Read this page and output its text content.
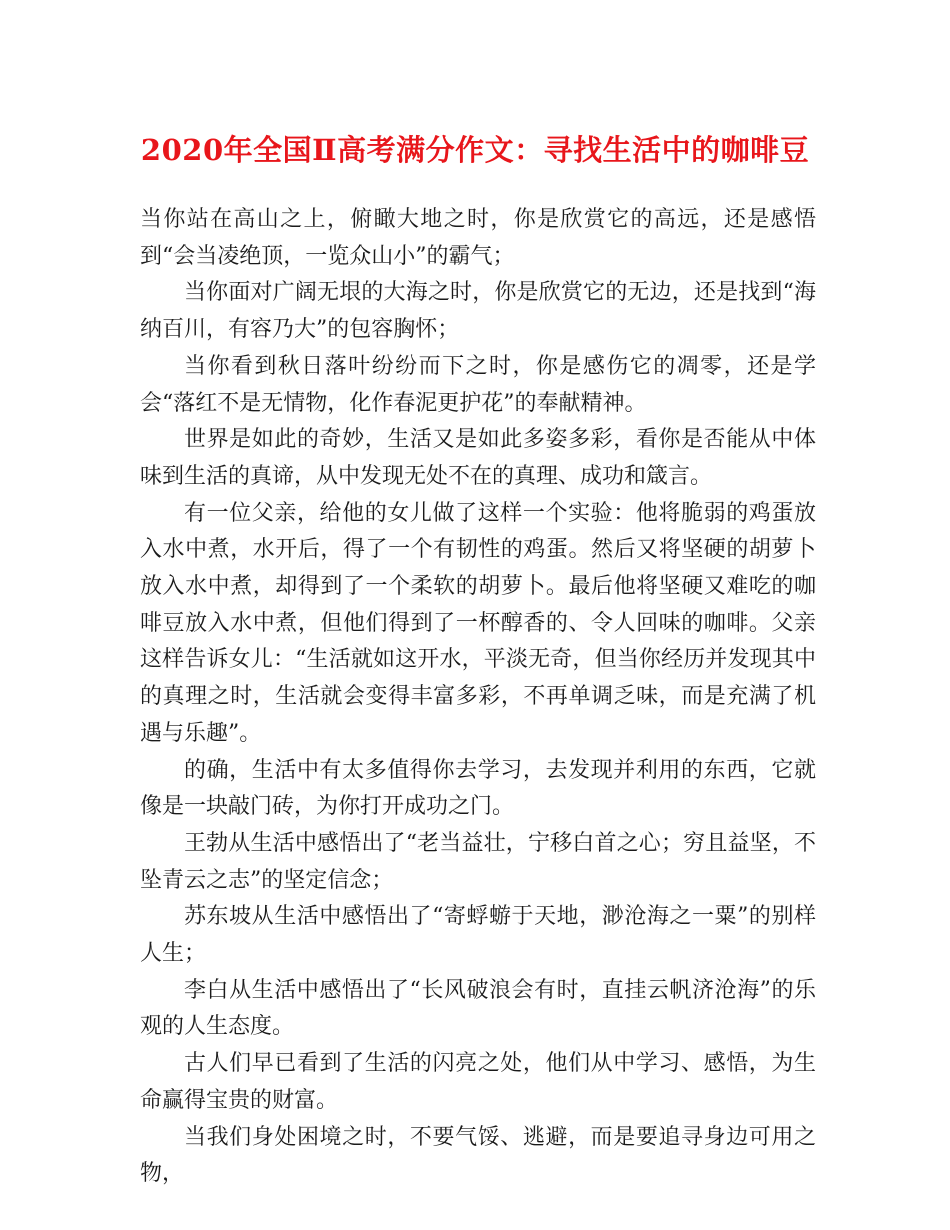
2020年全国Ⅱ高考满分作文：寻找生活中的咖啡豆

当你站在高山之上，俯瞰大地之时，你是欣赏它的高远，还是感悟到“会当凌绝顶，一览众山小”的霸气；

当你面对广阔无垠的大海之时，你是欣赏它的无边，还是找到“海纳百川，有容乃大”的包容胸怀；

当你看到秋日落叶纷纷而下之时，你是感伤它的凋零，还是学会“落红不是无情物，化作春泥更护花”的奉献精神。

世界是如此的奇妙，生活又是如此多姿多彩，看你是否能从中体味到生活的真谛，从中发现无处不在的真理、成功和箴言。

有一位父亲，给他的女儿做了这样一个实验：他将脆弱的鸡蛋放入水中煮，水开后，得了一个有韧性的鸡蛋。然后又将坚硬的胡萝卜放入水中煮，却得到了一个柔软的胡萝卜。最后他将坚硬又难吃的咖啡豆放入水中煮，但他们得到了一杯醇香的、令人回味的咖啡。父亲这样告诉女儿：“生活就如这开水，平淡无奇，但当你经历并发现其中的真理之时，生活就会变得丰富多彩，不再单调乏味，而是充满了机遇与乐趣”。

的确，生活中有太多值得你去学习，去发现并利用的东西，它就像是一块敲门砖，为你打开成功之门。

王勃从生活中感悟出了“老当益壮，宁移白首之心；穷且益坚，不坠青云之志”的坚定信念；

苏东坡从生活中感悟出了“寄蜉蝣于天地，渺沧海之一粟”的别样人生；

李白从生活中感悟出了“长风破浪会有时，直挂云帆济沧海”的乐观的人生态度。

古人们早已看到了生活的闪亮之处，他们从中学习、感悟，为生命赢得宝贵的财富。

当我们身处困境之时，不要气馁、逃避，而是要追寻身边可用之物，
